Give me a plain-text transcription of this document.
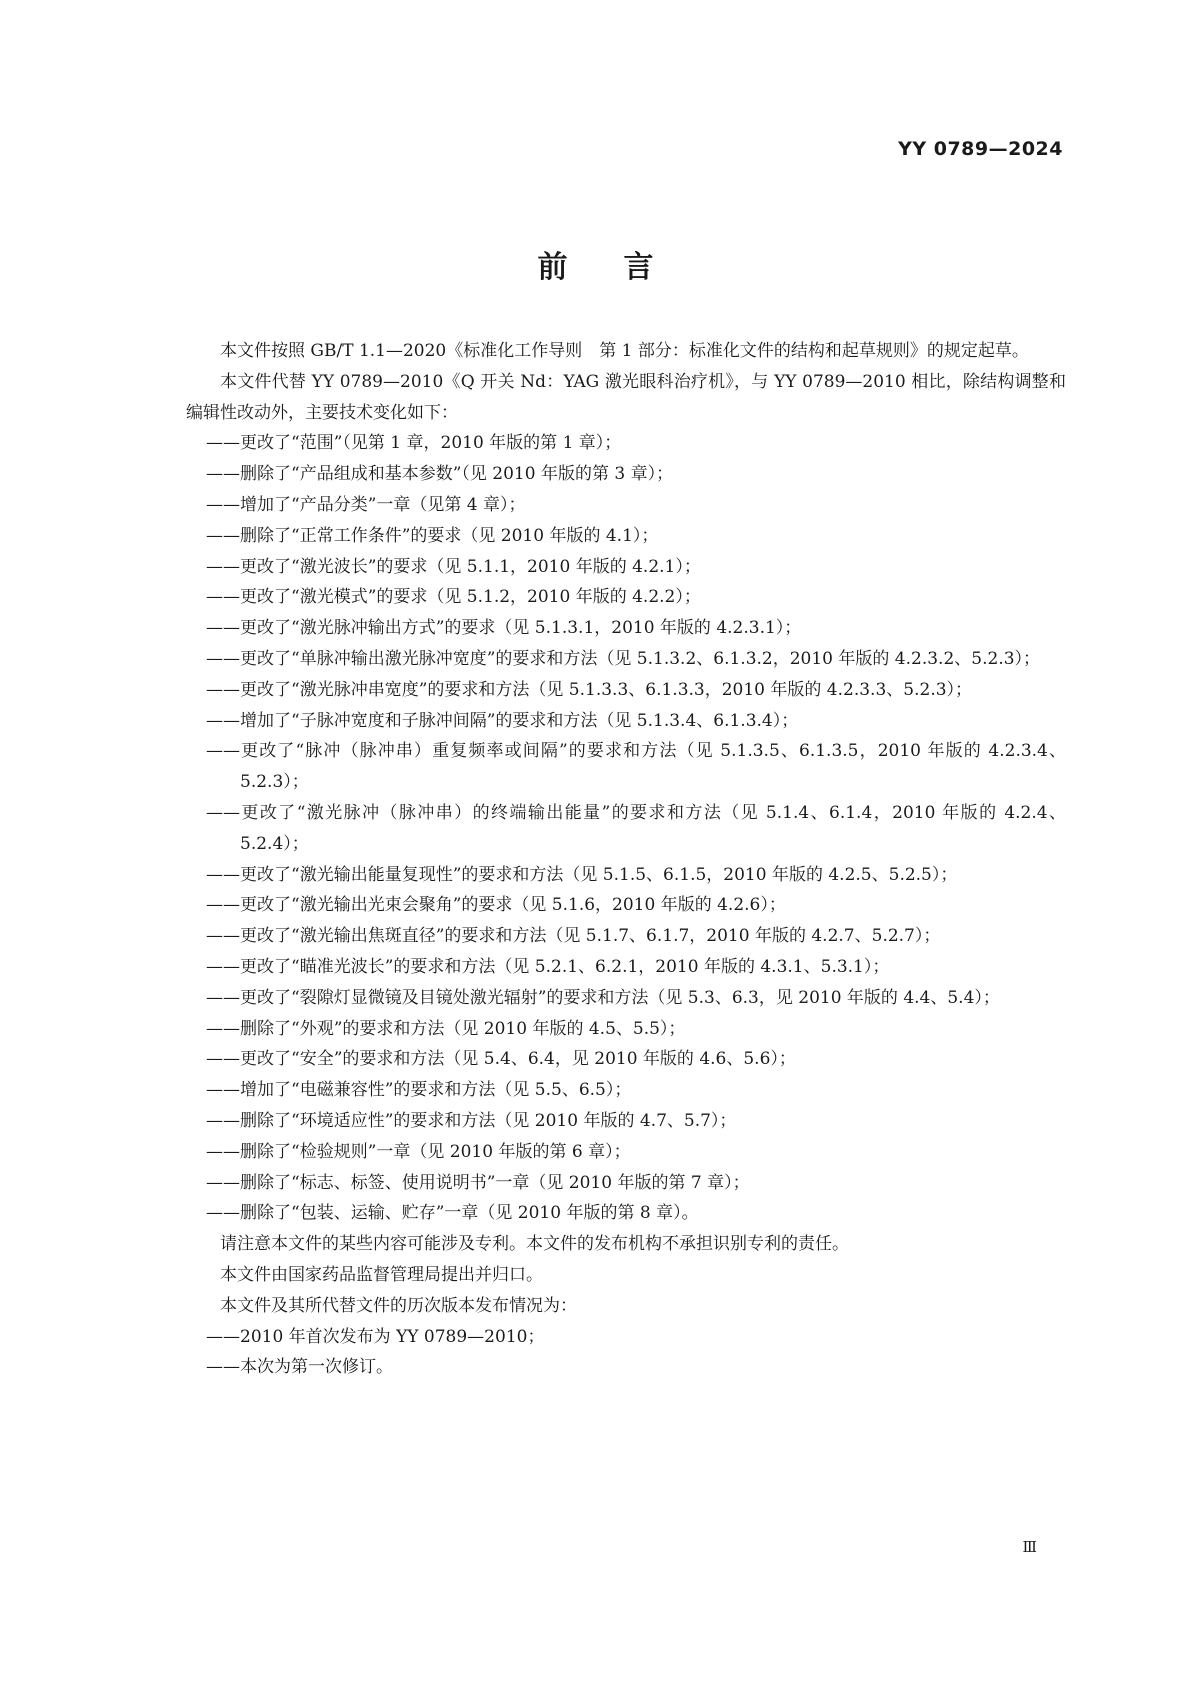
YY 0789—2024
前言

本文件按照 GB/T 1.1—2020《标准化工作导则　第 1 部分：标准化文件的结构和起草规则》的规定起草。

本文件代替 YY 0789—2010《Q 开关 Nd：YAG 激光眼科治疗机》，与 YY 0789—2010 相比，除结构调整和编辑性改动外，主要技术变化如下：

——更改了“范围”（见第 1 章，2010 年版的第 1 章）；
——删除了“产品组成和基本参数”（见 2010 年版的第 3 章）；
——增加了“产品分类”一章（见第 4 章）；
——删除了“正常工作条件”的要求（见 2010 年版的 4.1）；
——更改了“激光波长”的要求（见 5.1.1，2010 年版的 4.2.1）；
——更改了“激光模式”的要求（见 5.1.2，2010 年版的 4.2.2）；
——更改了“激光脉冲输出方式”的要求（见 5.1.3.1，2010 年版的 4.2.3.1）；
——更改了“单脉冲输出激光脉冲宽度”的要求和方法（见 5.1.3.2、6.1.3.2，2010 年版的 4.2.3.2、5.2.3）；
——更改了“激光脉冲串宽度”的要求和方法（见 5.1.3.3、6.1.3.3，2010 年版的 4.2.3.3、5.2.3）；
——增加了“子脉冲宽度和子脉冲间隔”的要求和方法（见 5.1.3.4、6.1.3.4）；
——更改了“脉冲（脉冲串）重复频率或间隔”的要求和方法（见 5.1.3.5、6.1.3.5，2010 年版的 4.2.3.4、5.2.3）；
——更改了“激光脉冲（脉冲串）的终端输出能量”的要求和方法（见 5.1.4、6.1.4，2010 年版的 4.2.4、5.2.4）；
——更改了“激光输出能量复现性”的要求和方法（见 5.1.5、6.1.5，2010 年版的 4.2.5、5.2.5）；
——更改了“激光输出光束会聚角”的要求（见 5.1.6，2010 年版的 4.2.6）；
——更改了“激光输出焦斑直径”的要求和方法（见 5.1.7、6.1.7，2010 年版的 4.2.7、5.2.7）；
——更改了“瞄准光波长”的要求和方法（见 5.2.1、6.2.1，2010 年版的 4.3.1、5.3.1）；
——更改了“裂隙灯显微镜及目镜处激光辐射”的要求和方法（见 5.3、6.3，见 2010 年版的 4.4、5.4）；
——删除了“外观”的要求和方法（见 2010 年版的 4.5、5.5）；
——更改了“安全”的要求和方法（见 5.4、6.4，见 2010 年版的 4.6、5.6）；
——增加了“电磁兼容性”的要求和方法（见 5.5、6.5）；
——删除了“环境适应性”的要求和方法（见 2010 年版的 4.7、5.7）；
——删除了“检验规则”一章（见 2010 年版的第 6 章）；
——删除了“标志、标签、使用说明书”一章（见 2010 年版的第 7 章）；
——删除了“包装、运输、贮存”一章（见 2010 年版的第 8 章）。

请注意本文件的某些内容可能涉及专利。本文件的发布机构不承担识别专利的责任。

本文件由国家药品监督管理局提出并归口。

本文件及其所代替文件的历次版本发布情况为：

——2010 年首次发布为 YY 0789—2010；
——本次为第一次修订。
Ⅲ
